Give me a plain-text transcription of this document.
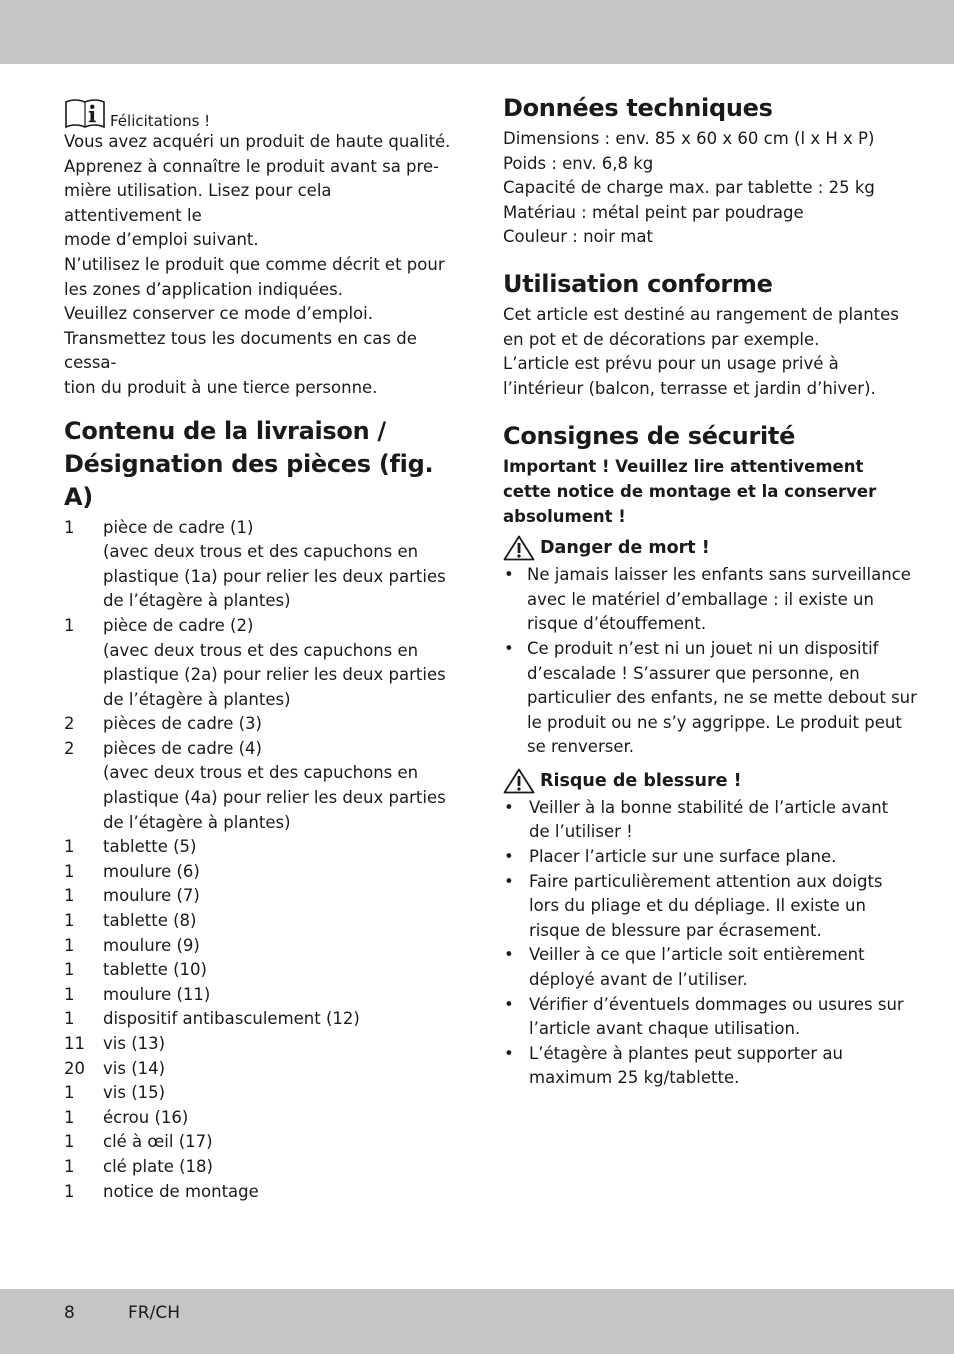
Félicitations !
Vous avez acquéri un produit de haute qualité.
Apprenez à connaître le produit avant sa pre-
mière utilisation. Lisez pour cela attentivement le
mode d’emploi suivant.
N’utilisez le produit que comme décrit et pour
les zones d’application indiquées.
Veuillez conserver ce mode d’emploi.
Transmettez tous les documents en cas de cessa-
tion du produit à une tierce personne.
Contenu de la livraison /
Désignation des pièces (fig. A)
1	pièce de cadre (1)
(avec deux trous et des capuchons en
plastique (1a) pour relier les deux parties
de l’étagère à plantes)
1	pièce de cadre (2)
(avec deux trous et des capuchons en
plastique (2a) pour relier les deux parties
de l’étagère à plantes)
2	pièces de cadre (3)
2	pièces de cadre (4)
(avec deux trous et des capuchons en
plastique (4a) pour relier les deux parties
de l’étagère à plantes)
1	tablette (5)
1	moulure (6)
1	moulure (7)
1	tablette (8)
1	moulure (9)
1	tablette (10)
1	moulure (11)
1	dispositif antibasculement (12)
11	vis (13)
20	vis (14)
1	vis (15)
1	écrou (16)
1	clé à œil (17)
1	clé plate (18)
1	notice de montage
Données techniques
Dimensions : env. 85 x 60 x 60 cm (l x H x P)
Poids : env. 6,8 kg
Capacité de charge max. par tablette : 25 kg
Matériau : métal peint par poudrage
Couleur : noir mat
Utilisation conforme
Cet article est destiné au rangement de plantes
en pot et de décorations par exemple.
L’article est prévu pour un usage privé à
l’intérieur (balcon, terrasse et jardin d’hiver).
Consignes de sécurité
Important ! Veuillez lire attentivement
cette notice de montage et la conserver
absolument !
Danger de mort !
• Ne jamais laisser les enfants sans surveillance
avec le matériel d’emballage : il existe un
risque d’étouffement.
• Ce produit n’est ni un jouet ni un dispositif
d’escalade ! S’assurer que personne, en
particulier des enfants, ne se mette debout sur
le produit ou ne s’y aggrippe. Le produit peut
se renverser.
Risque de blessure !
• Veiller à la bonne stabilité de l’article avant
de l’utiliser !
• Placer l’article sur une surface plane.
• Faire particulièrement attention aux doigts
lors du pliage et du dépliage. Il existe un
risque de blessure par écrasement.
• Veiller à ce que l’article soit entièrement
déployé avant de l’utiliser.
• Vérifier d’éventuels dommages ou usures sur
l’article avant chaque utilisation.
• L’étagère à plantes peut supporter au
maximum 25 kg/tablette.
8	FR/CH
